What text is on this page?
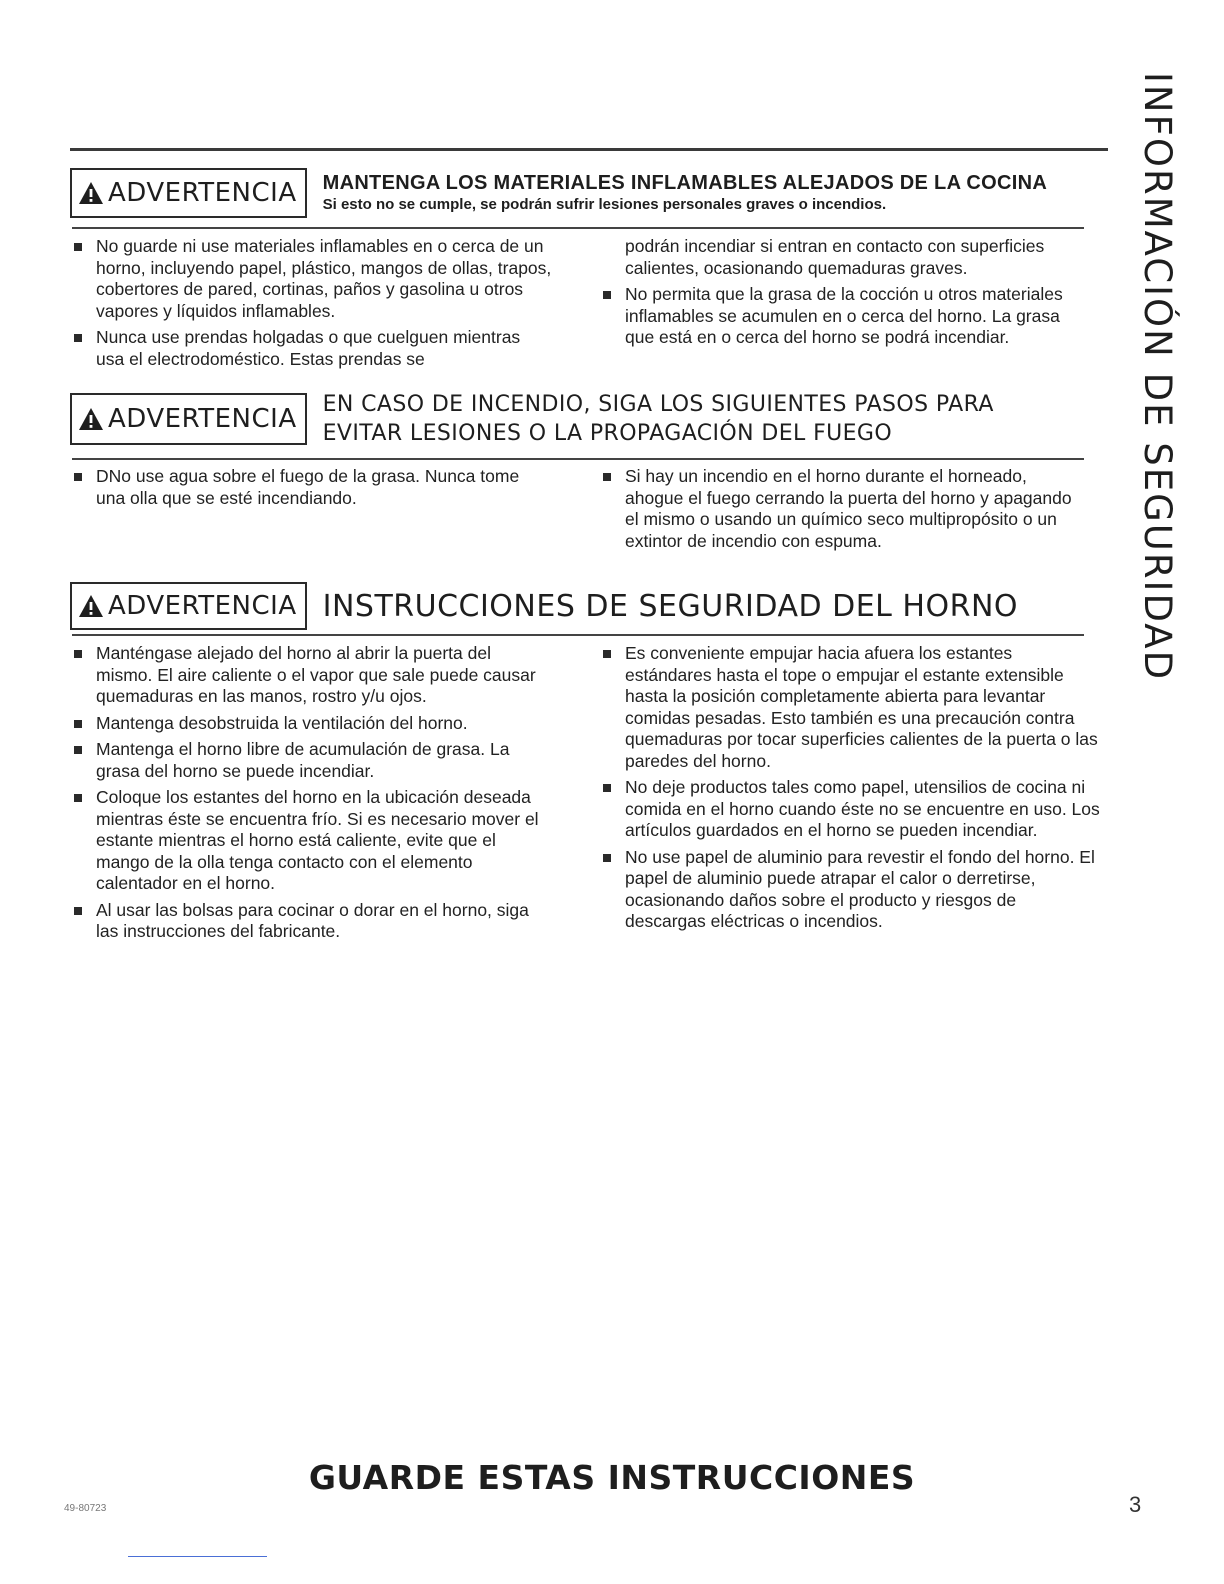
ADVERTENCIA MANTENGA LOS MATERIALES INFLAMABLES ALEJADOS DE LA COCINA
Si esto no se cumple, se podrán sufrir lesiones personales graves o incendios.
No guarde ni use materiales inflamables en o cerca de un horno, incluyendo papel, plástico, mangos de ollas, trapos, cobertores de pared, cortinas, paños y gasolina u otros vapores y líquidos inflamables.
Nunca use prendas holgadas o que cuelguen mientras usa el electrodoméstico. Estas prendas se

podrán incendiar si entran en contacto con superficies calientes, ocasionando quemaduras graves.

No permita que la grasa de la cocción u otros materiales inflamables se acumulen en o cerca del horno. La grasa que está en o cerca del horno se podrá incendiar.
ADVERTENCIA EN CASO DE INCENDIO, SIGA LOS SIGUIENTES PASOS PARA
EVITAR LESIONES O LA PROPAGACIÓN DEL FUEGO
DNo use agua sobre el fuego de la grasa. Nunca tome una olla que se esté incendiando.
Si hay un incendio en el horno durante el horneado, ahogue el fuego cerrando la puerta del horno y apagando el mismo o usando un químico seco multipropósito o un extintor de incendio con espuma.
ADVERTENCIA INSTRUCCIONES DE SEGURIDAD DEL HORNO
Manténgase alejado del horno al abrir la puerta del mismo. El aire caliente o el vapor que sale puede causar quemaduras en las manos, rostro y/u ojos.
Mantenga desobstruida la ventilación del horno.
Mantenga el horno libre de acumulación de grasa. La grasa del horno se puede incendiar.
Coloque los estantes del horno en la ubicación deseada mientras éste se encuentra frío. Si es necesario mover el estante mientras el horno está caliente, evite que el mango de la olla tenga contacto con el elemento calentador en el horno.
Al usar las bolsas para cocinar o dorar en el horno, siga las instrucciones del fabricante.
Es conveniente empujar hacia afuera los estantes estándares hasta el tope o empujar el estante extensible hasta la posición completamente abierta para levantar comidas pesadas. Esto también es una precaución contra quemaduras por tocar superficies calientes de la puerta o las paredes del horno.
No deje productos tales como papel, utensilios de cocina ni comida en el horno cuando éste no se encuentre en uso. Los artículos guardados en el horno se pueden incendiar.
No use papel de aluminio para revestir el fondo del horno. El papel de aluminio puede atrapar el calor o derretirse, ocasionando daños sobre el producto y riesgos de descargas eléctricas o incendios.
INFORMACIÓN DE SEGURIDAD
GUARDE ESTAS INSTRUCCIONES
49-80723	3
